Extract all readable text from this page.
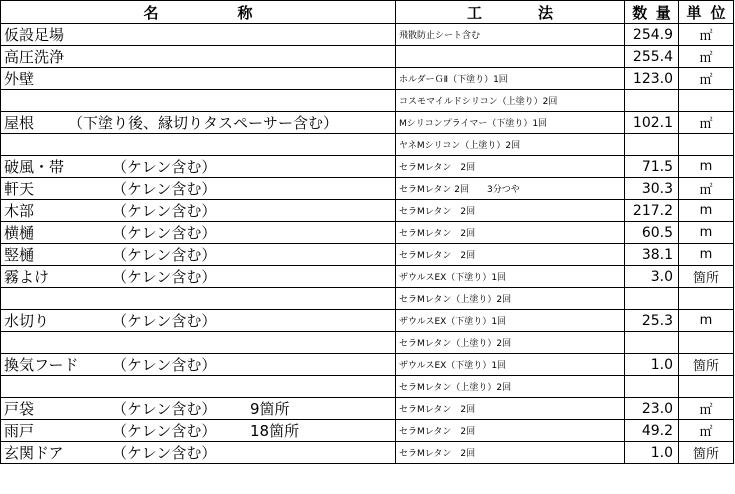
名 称	工 法	数 量	単 位

仮設足場	飛散防止シート含む	254.9	㎡
高圧洗浄		255.4	㎡
外壁	ホルダーＧⅡ（下塗り）1回	123.0	㎡
	コスモマイルドシリコン（上塗り）2回		
屋根 （下塗り後、縁切りタスペーサー含む）	Mシリコンプライマー（下塗り）1回	102.1	㎡
	ヤネMシリコン（上塗り）2回		
破風・帯 （ケレン含む）	セラMレタン　2回	71.5	m
軒天 （ケレン含む）	セラMレタン 2回　　3分つや	30.3	㎡
木部 （ケレン含む）	セラMレタン　2回	217.2	m
横樋 （ケレン含む）	セラMレタン　2回	60.5	m
竪樋 （ケレン含む）	セラMレタン　2回	38.1	m
霧よけ （ケレン含む）	ザウルスEX（下塗り）1回	3.0	箇所
	セラMレタン（上塗り）2回		
水切り （ケレン含む）	ザウルスEX（下塗り）1回	25.3	m
	セラMレタン（上塗り）2回		
換気フード （ケレン含む）	ザウルスEX（下塗り）1回	1.0	箇所
	セラMレタン（上塗り）2回		
戸袋 （ケレン含む） 9箇所	セラMレタン　2回	23.0	㎡
雨戸 （ケレン含む） 18箇所	セラMレタン　2回	49.2	㎡
玄関ドア （ケレン含む）	セラMレタン　2回	1.0	箇所
